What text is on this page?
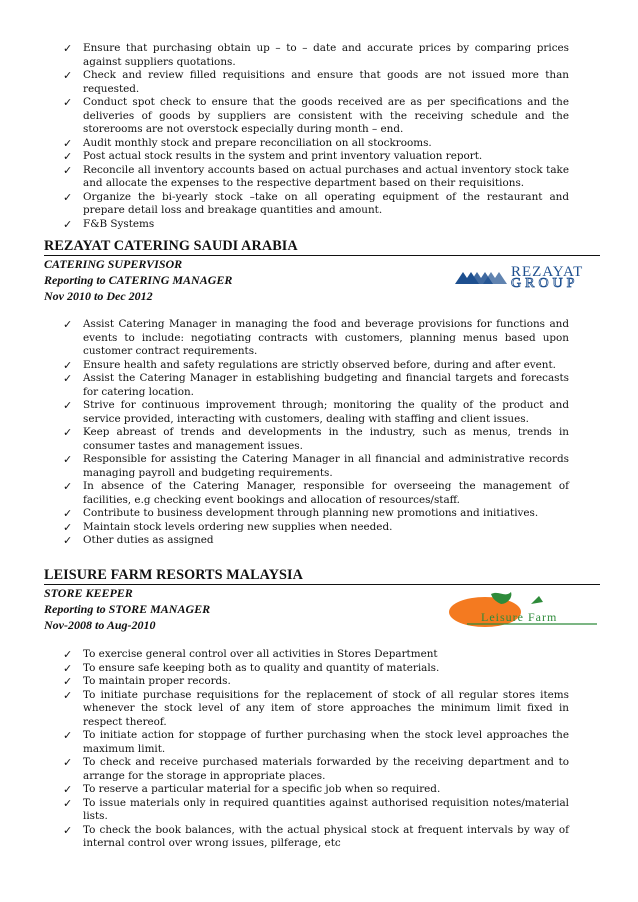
✓ Ensure that purchasing obtain up – to – date and accurate prices by comparing prices against suppliers quotations.
✓ Check and review filled requisitions and ensure that goods are not issued more than requested.
✓ Conduct spot check to ensure that the goods received are as per specifications and the deliveries of goods by suppliers are consistent with the receiving schedule and the storerooms are not overstock especially during month – end.
✓ Audit monthly stock and prepare reconciliation on all stockrooms.
✓ Post actual stock results in the system and print inventory valuation report.
✓ Reconcile all inventory accounts based on actual purchases and actual inventory stock take and allocate the expenses to the respective department based on their requisitions.
✓ Organize the bi-yearly stock –take on all operating equipment of the restaurant and prepare detail loss and breakage quantities and amount.
✓ F&B Systems
REZAYAT CATERING SAUDI ARABIA
CATERING SUPERVISOR
Reporting to CATERING MANAGER
Nov 2010 to Dec 2012
REZAYAT
GROUP
✓ Assist Catering Manager in managing the food and beverage provisions for functions and events to include: negotiating contracts with customers, planning menus based upon customer contract requirements.
✓ Ensure health and safety regulations are strictly observed before, during and after event.
✓ Assist the Catering Manager in establishing budgeting and financial targets and forecasts for catering location.
✓ Strive for continuous improvement through; monitoring the quality of the product and service provided, interacting with customers, dealing with staffing and client issues.
✓ Keep abreast of trends and developments in the industry, such as menus, trends in consumer tastes and management issues.
✓ Responsible for assisting the Catering Manager in all financial and administrative records managing payroll and budgeting requirements.
✓ In absence of the Catering Manager, responsible for overseeing the management of facilities, e.g checking event bookings and allocation of resources/staff.
✓ Contribute to business development through planning new promotions and initiatives.
✓ Maintain stock levels ordering new supplies when needed.
✓ Other duties as assigned
LEISURE FARM RESORTS MALAYSIA
STORE KEEPER
Reporting to STORE MANAGER
Nov-2008 to Aug-2010
Leisure Farm
✓ To exercise general control over all activities in Stores Department
✓ To ensure safe keeping both as to quality and quantity of materials.
✓ To maintain proper records.
✓ To initiate purchase requisitions for the replacement of stock of all regular stores items whenever the stock level of any item of store approaches the minimum limit fixed in respect thereof.
✓ To initiate action for stoppage of further purchasing when the stock level approaches the maximum limit.
✓ To check and receive purchased materials forwarded by the receiving department and to arrange for the storage in appropriate places.
✓ To reserve a particular material for a specific job when so required.
✓ To issue materials only in required quantities against authorised requisition notes/material lists.
✓ To check the book balances, with the actual physical stock at frequent intervals by way of internal control over wrong issues, pilferage, etc
